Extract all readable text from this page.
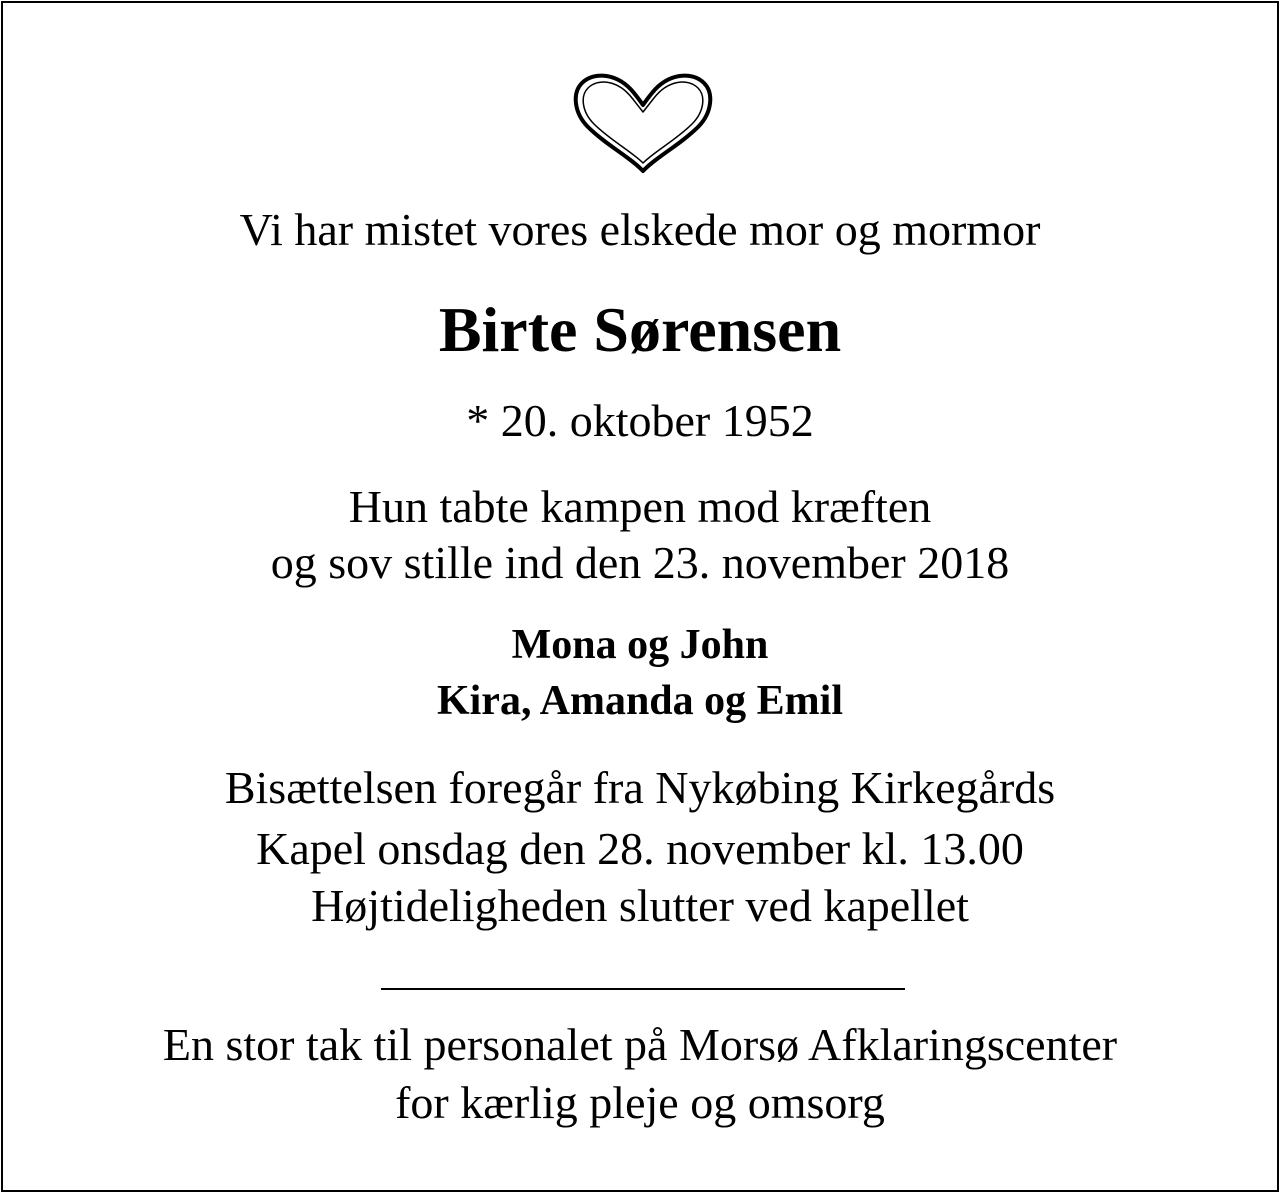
Vi har mistet vores elskede mor og mormor
Birte Sørensen
* 20. oktober 1952
Hun tabte kampen mod kræften
og sov stille ind den 23. november 2018
Mona og John
Kira, Amanda og Emil
Bisættelsen foregår fra Nykøbing Kirkegårds
Kapel onsdag den 28. november kl. 13.00
Højtideligheden slutter ved kapellet
En stor tak til personalet på Morsø Afklaringscenter
for kærlig pleje og omsorg
